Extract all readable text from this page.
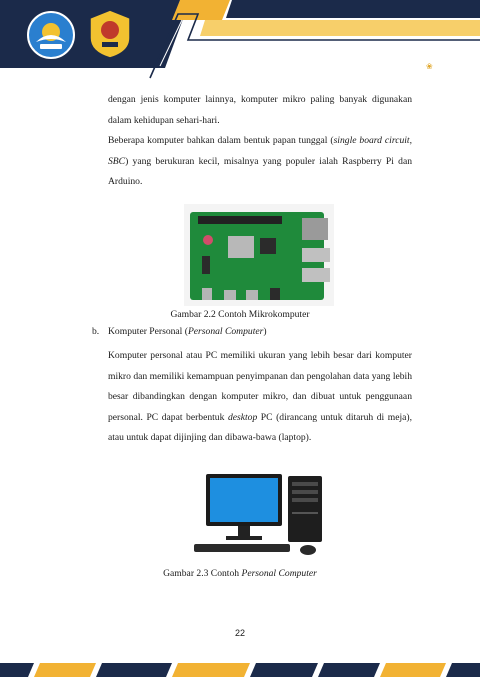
❀

dengan jenis komputer lainnya, komputer mikro paling banyak digunakan dalam kehidupan sehari-hari.

Beberapa komputer bahkan dalam bentuk papan tunggal (single board circuit, SBC) yang berukuran kecil, misalnya yang populer ialah Raspberry Pi dan Arduino.

Gambar 2.2 Contoh Mikrokomputer
b. Komputer Personal (Personal Computer)

Komputer personal atau PC memiliki ukuran yang lebih besar dari komputer mikro dan memiliki kemampuan penyimpanan dan pengolahan data yang lebih besar dibandingkan dengan komputer mikro, dan dibuat untuk penggunaan personal. PC dapat berbentuk desktop PC (dirancang untuk ditaruh di meja), atau untuk dapat dijinjing dan dibawa-bawa (laptop).

Gambar 2.3 Contoh Personal Computer
22
